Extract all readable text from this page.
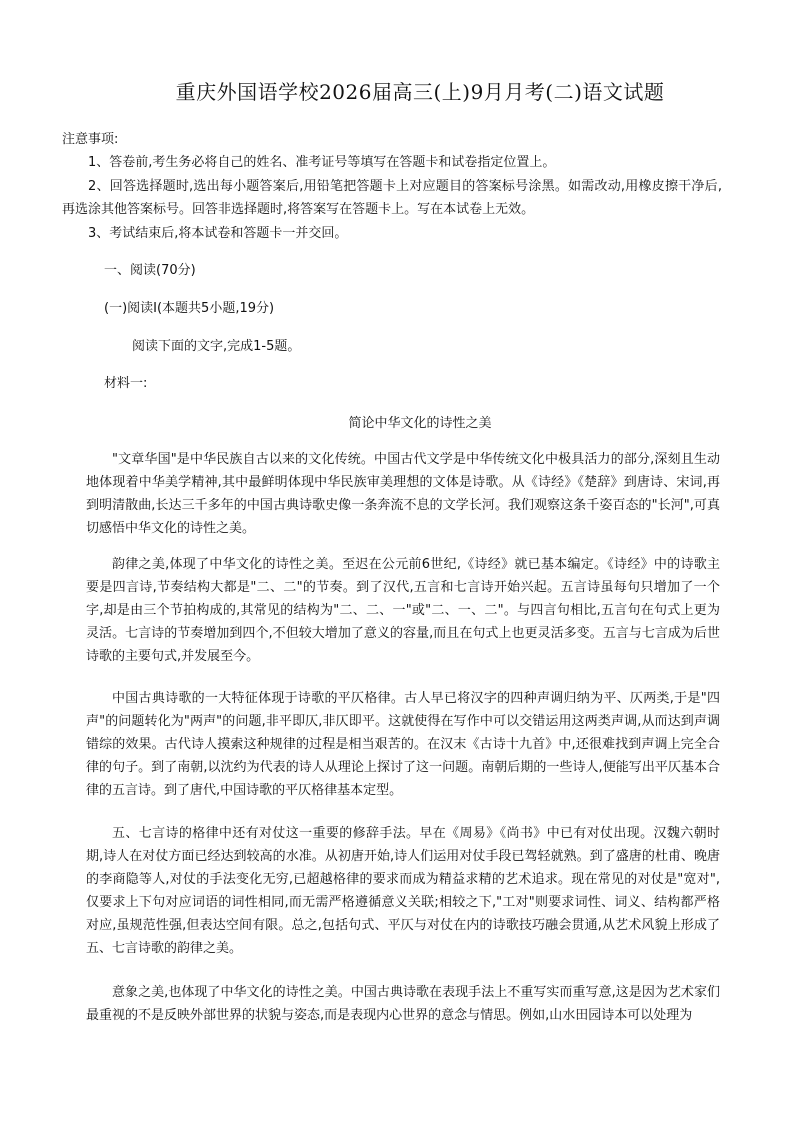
重庆外国语学校2026届高三(上)9月月考(二)语文试题
注意事项:
1、答卷前,考生务必将自己的姓名、准考证号等填写在答题卡和试卷指定位置上。
2、回答选择题时,选出每小题答案后,用铅笔把答题卡上对应题目的答案标号涂黑。如需改动,用橡皮擦干净后,再选涂其他答案标号。回答非选择题时,将答案写在答题卡上。写在本试卷上无效。
3、考试结束后,将本试卷和答题卡一并交回。
一、阅读(70分)
(一)阅读Ⅰ(本题共5小题,19分)
阅读下面的文字,完成1-5题。
材料一:
简论中华文化的诗性之美
"文章华国"是中华民族自古以来的文化传统。中国古代文学是中华传统文化中极具活力的部分,深刻且生动地体现着中华美学精神,其中最鲜明体现中华民族审美理想的文体是诗歌。从《诗经》《楚辞》到唐诗、宋词,再到明清散曲,长达三千多年的中国古典诗歌史像一条奔流不息的文学长河。我们观察这条千姿百态的"长河",可真切感悟中华文化的诗性之美。
韵律之美,体现了中华文化的诗性之美。至迟在公元前6世纪,《诗经》就已基本编定。《诗经》中的诗歌主要是四言诗,节奏结构大都是"二、二"的节奏。到了汉代,五言和七言诗开始兴起。五言诗虽每句只增加了一个字,却是由三个节拍构成的,其常见的结构为"二、二、一"或"二、一、二"。与四言句相比,五言句在句式上更为灵活。七言诗的节奏增加到四个,不但较大增加了意义的容量,而且在句式上也更灵活多变。五言与七言成为后世诗歌的主要句式,并发展至今。
中国古典诗歌的一大特征体现于诗歌的平仄格律。古人早已将汉字的四种声调归纳为平、仄两类,于是"四声"的问题转化为"两声"的问题,非平即仄,非仄即平。这就使得在写作中可以交错运用这两类声调,从而达到声调错综的效果。古代诗人摸索这种规律的过程是相当艰苦的。在汉末《古诗十九首》中,还很难找到声调上完全合律的句子。到了南朝,以沈约为代表的诗人从理论上探讨了这一问题。南朝后期的一些诗人,便能写出平仄基本合律的五言诗。到了唐代,中国诗歌的平仄格律基本定型。
五、七言诗的格律中还有对仗这一重要的修辞手法。早在《周易》《尚书》中已有对仗出现。汉魏六朝时期,诗人在对仗方面已经达到较高的水准。从初唐开始,诗人们运用对仗手段已驾轻就熟。到了盛唐的杜甫、晚唐的李商隐等人,对仗的手法变化无穷,已超越格律的要求而成为精益求精的艺术追求。现在常见的对仗是"宽对",仅要求上下句对应词语的词性相同,而无需严格遵循意义关联;相较之下,"工对"则要求词性、词义、结构都严格对应,虽规范性强,但表达空间有限。总之,包括句式、平仄与对仗在内的诗歌技巧融会贯通,从艺术风貌上形成了五、七言诗歌的韵律之美。
意象之美,也体现了中华文化的诗性之美。中国古典诗歌在表现手法上不重写实而重写意,这是因为艺术家们最重视的不是反映外部世界的状貌与姿态,而是表现内心世界的意念与情思。例如,山水田园诗本可以处理为
